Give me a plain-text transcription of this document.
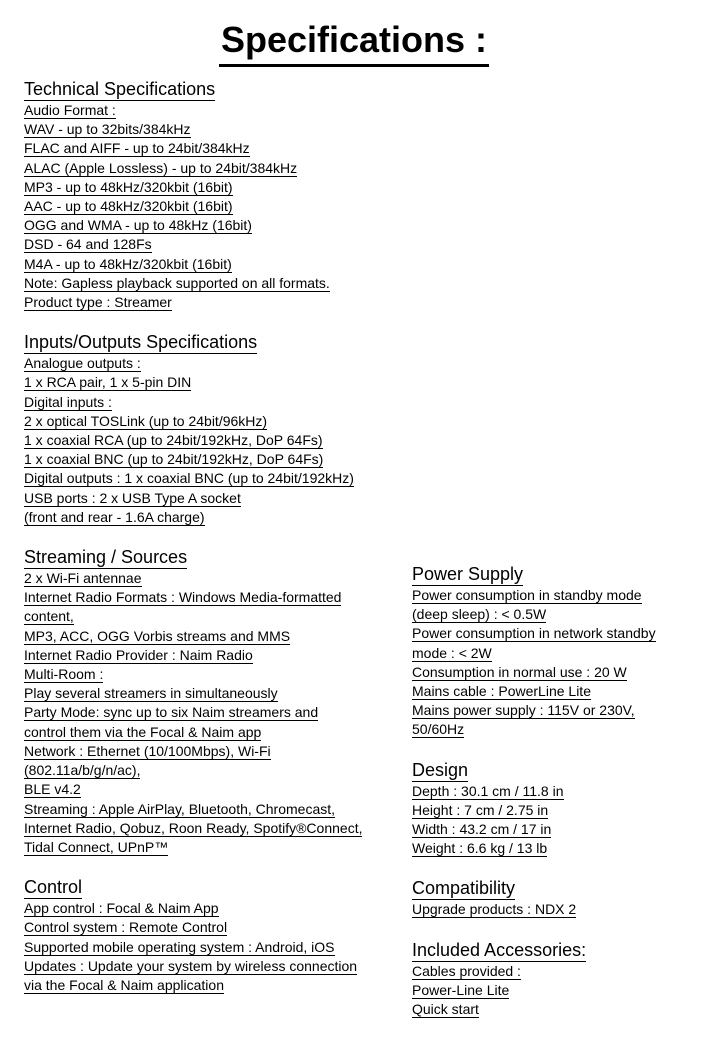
Specifications :
Technical Specifications
Audio Format :
WAV - up to 32bits/384kHz
FLAC and AIFF - up to 24bit/384kHz
ALAC (Apple Lossless) - up to 24bit/384kHz
MP3 - up to 48kHz/320kbit (16bit)
AAC - up to 48kHz/320kbit (16bit)
OGG and WMA - up to 48kHz (16bit)
DSD - 64 and 128Fs
M4A - up to 48kHz/320kbit (16bit)
Note: Gapless playback supported on all formats.
Product type : Streamer
Inputs/Outputs Specifications
Analogue outputs :
1 x RCA pair, 1 x 5-pin DIN
Digital inputs :
2 x optical TOSLink (up to 24bit/96kHz)
1 x coaxial RCA (up to 24bit/192kHz, DoP 64Fs)
1 x coaxial BNC (up to 24bit/192kHz, DoP 64Fs)
Digital outputs : 1 x coaxial BNC (up to 24bit/192kHz)
USB ports : 2 x USB Type A socket
(front and rear - 1.6A charge)
Streaming / Sources
2 x Wi-Fi antennae
Internet Radio Formats : Windows Media-formatted
content,
MP3, ACC, OGG Vorbis streams and MMS
Internet Radio Provider : Naim Radio
Multi-Room :
Play several streamers in simultaneously
Party Mode: sync up to six Naim streamers and
control them via the Focal & Naim app
Network : Ethernet (10/100Mbps), Wi-Fi
(802.11a/b/g/n/ac),
BLE v4.2
Streaming : Apple AirPlay, Bluetooth, Chromecast,
Internet Radio, Qobuz, Roon Ready, Spotify®Connect,
Tidal Connect, UPnP™
Control
App control : Focal & Naim App
Control system : Remote Control
Supported mobile operating system : Android, iOS
Updates : Update your system by wireless connection
via the Focal & Naim application
Power Supply
Power consumption in standby mode
(deep sleep) : < 0.5W
Power consumption in network standby
mode : < 2W
Consumption in normal use : 20 W
Mains cable : PowerLine Lite
Mains power supply : 115V or 230V,
50/60Hz
Design
Depth : 30.1 cm / 11.8 in
Height : 7 cm / 2.75 in
Width : 43.2 cm / 17 in
Weight : 6.6 kg / 13 lb
Compatibility
Upgrade products : NDX 2
Included Accessories:
Cables provided :
Power-Line Lite
Quick start
